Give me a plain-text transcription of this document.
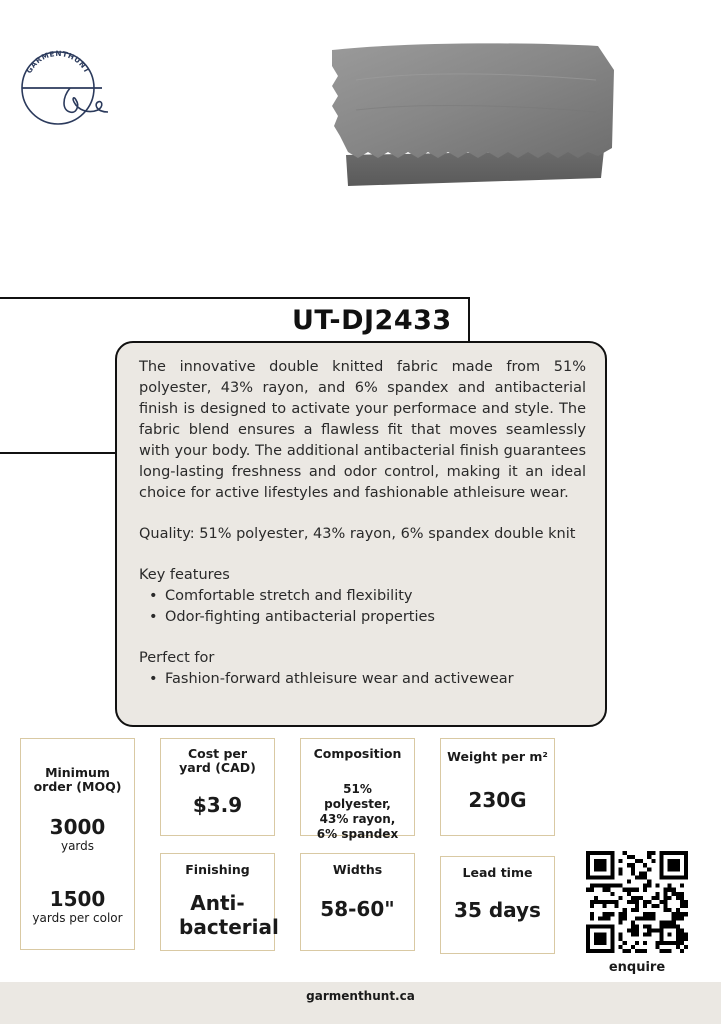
GARMENTHUNT
UT-DJ2433

The innovative double knitted fabric made from 51% polyester, 43% rayon, and 6% spandex and antibacterial finish is designed to activate your performace and style. The fabric blend ensures a flawless fit that moves seamlessly with your body. The additional antibacterial finish guarantees long-lasting freshness and odor control, making it an ideal choice for active lifestyles and fashionable athleisure wear.

Quality: 51% polyester, 43% rayon, 6% spandex double knit

Key features

• Comfortable stretch and flexibility
• Odor-fighting antibacterial properties

Perfect for

• Fashion-forward athleisure wear and activewear
Minimum order (MOQ)
3000
yards
1500
yards per color
Cost per yard (CAD)
$3.9
Composition
51% polyester, 43% rayon, 6% spandex
Weight per m²
230G
Finishing
Anti-bacterial
Widths
58-60"
Lead time
35 days
enquire
garmenthunt.ca
